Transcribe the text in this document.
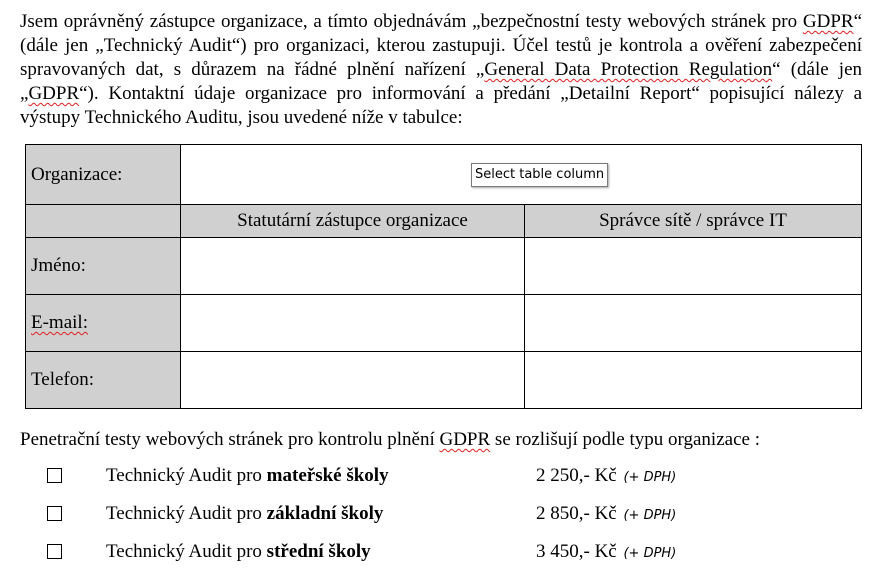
Jsem oprávněný zástupce organizace, a tímto objednávám „bezpečnostní testy webových stránek pro GDPR“ (dále jen „Technický Audit“) pro organizaci, kterou zastupuji. Účel testů je kontrola a ověření zabezpečení spravovaných dat, s důrazem na řádné plnění nařízení „General Data Protection Regulation“ (dále jen „GDPR“). Kontaktní údaje organizace pro informování a předání „Detailní Report“ popisující nálezy a výstupy Technického Auditu, jsou uvedené níže v tabulce:

Organizace:	Select table column	

	Statutární zástupce organizace	Správce sítě / správce IT
Jméno:		
E-mail:		
Telefon:		

Penetrační testy webových stránek pro kontrolu plnění GDPR se rozlišují podle typu organizace :

Technický Audit pro mateřské školy	2 250,- Kč (+ DPH)
Technický Audit pro základní školy	2 850,- Kč (+ DPH)
Technický Audit pro střední školy	3 450,- Kč (+ DPH)
